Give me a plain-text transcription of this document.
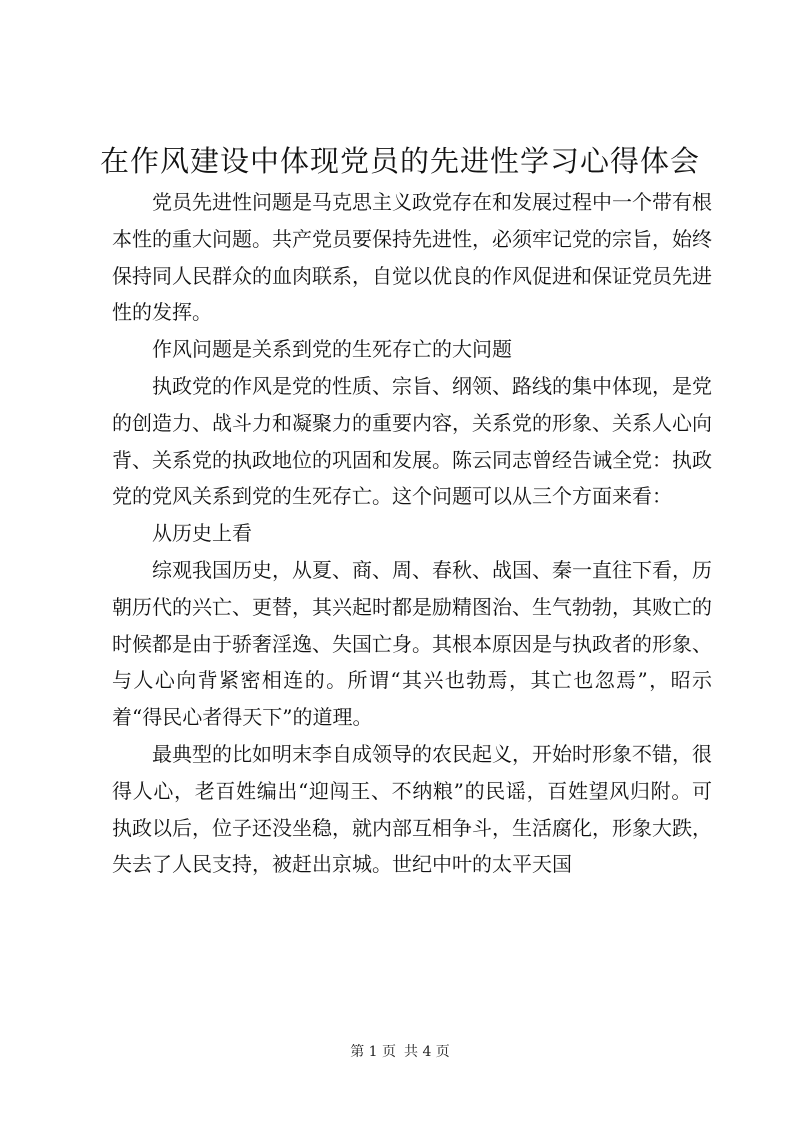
在作风建设中体现党员的先进性学习心得体会

党员先进性问题是马克思主义政党存在和发展过程中一个带有根本性的重大问题。共产党员要保持先进性，必须牢记党的宗旨，始终保持同人民群众的血肉联系，自觉以优良的作风促进和保证党员先进性的发挥。

作风问题是关系到党的生死存亡的大问题

执政党的作风是党的性质、宗旨、纲领、路线的集中体现，是党的创造力、战斗力和凝聚力的重要内容，关系党的形象、关系人心向背、关系党的执政地位的巩固和发展。陈云同志曾经告诫全党：执政党的党风关系到党的生死存亡。这个问题可以从三个方面来看：

从历史上看

综观我国历史，从夏、商、周、春秋、战国、秦一直往下看，历朝历代的兴亡、更替，其兴起时都是励精图治、生气勃勃，其败亡的时候都是由于骄奢淫逸、失国亡身。其根本原因是与执政者的形象、与人心向背紧密相连的。所谓“其兴也勃焉，其亡也忽焉”，昭示着“得民心者得天下”的道理。

最典型的比如明末李自成领导的农民起义，开始时形象不错，很得人心，老百姓编出“迎闯王、不纳粮”的民谣，百姓望风归附。可执政以后，位子还没坐稳，就内部互相争斗，生活腐化，形象大跌，失去了人民支持，被赶出京城。世纪中叶的太平天国

第 1 页 共 4 页
